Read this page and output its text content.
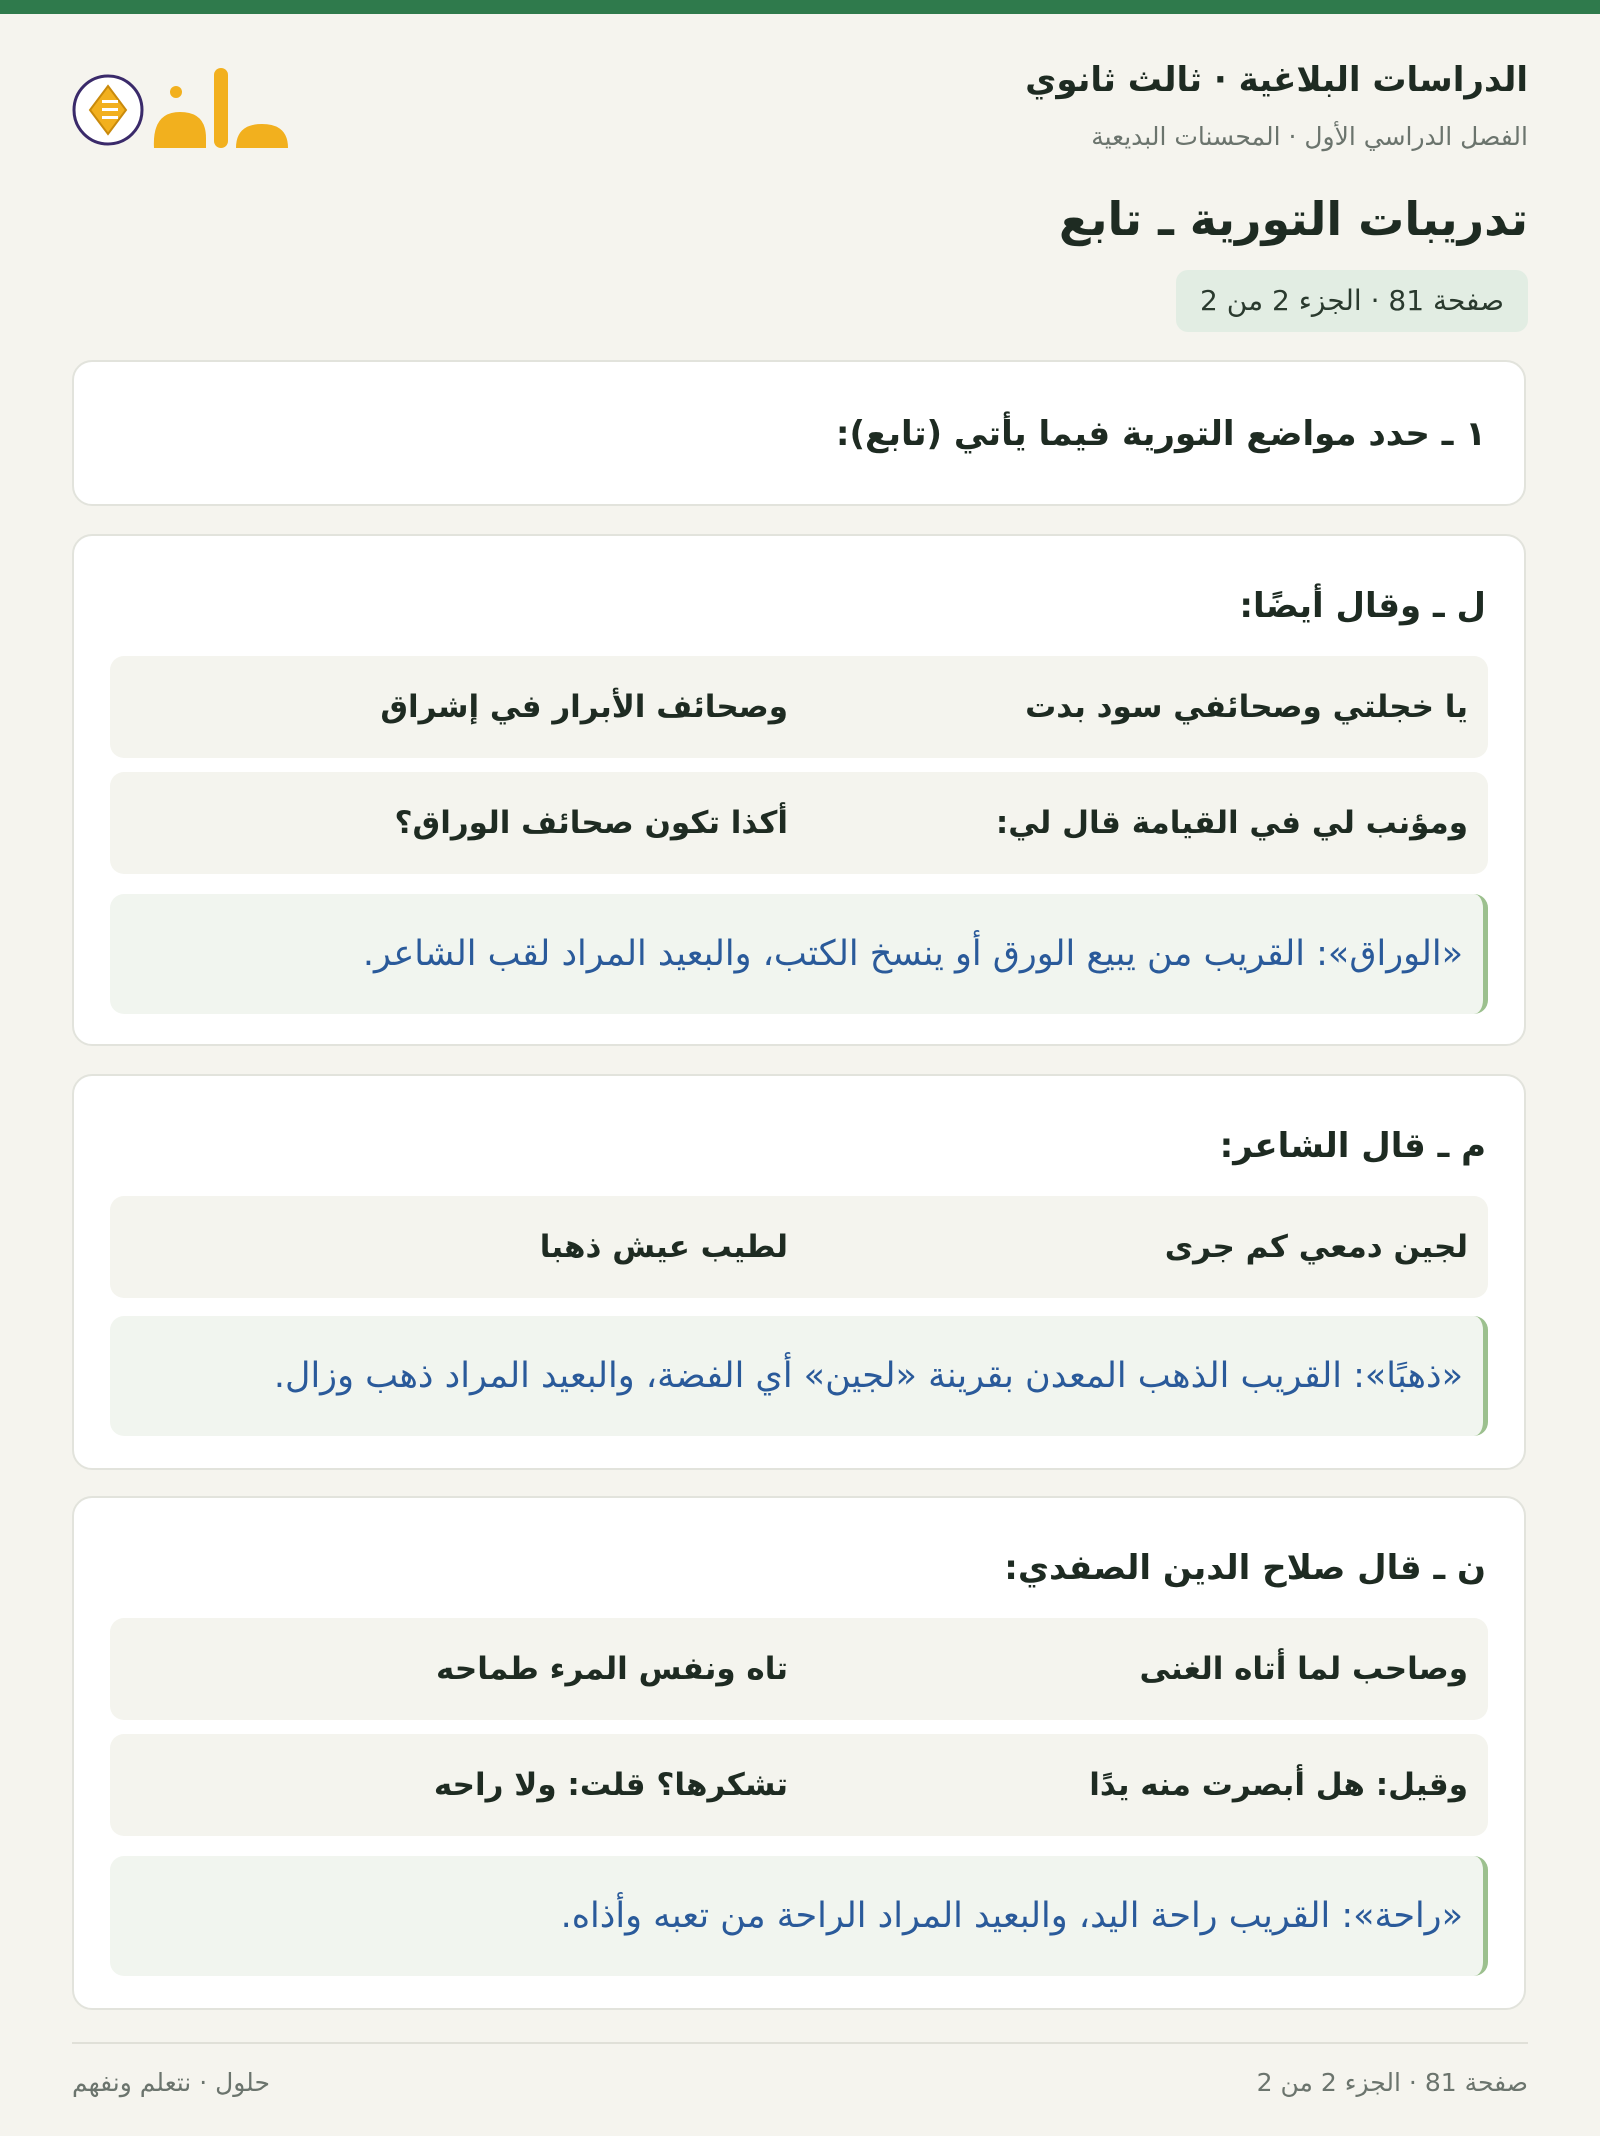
الدراسات البلاغية · ثالث ثانوي
الفصل الدراسي الأول · المحسنات البديعية
تدريبات التورية ـ تابع
صفحة 81 · الجزء 2 من 2
١ ـ حدد مواضع التورية فيما يأتي (تابع):
ل ـ وقال أيضًا:
يا خجلتي وصحائفي سود بدت
وصحائف الأبرار في إشراق
ومؤنب لي في القيامة قال لي:
أكذا تكون صحائف الوراق؟
«الوراق»: القريب من يبيع الورق أو ينسخ الكتب، والبعيد المراد لقب الشاعر.
م ـ قال الشاعر:
لجين دمعي كم جرى
لطيب عيش ذهبا
«ذهبًا»: القريب الذهب المعدن بقرينة «لجين» أي الفضة، والبعيد المراد ذهب وزال.
ن ـ قال صلاح الدين الصفدي:
وصاحب لما أتاه الغنى
تاه ونفس المرء طماحه
وقيل: هل أبصرت منه يدًا
تشكرها؟ قلت: ولا راحه
«راحة»: القريب راحة اليد، والبعيد المراد الراحة من تعبه وأذاه.
صفحة 81 · الجزء 2 من 2
حلول · نتعلم ونفهم
